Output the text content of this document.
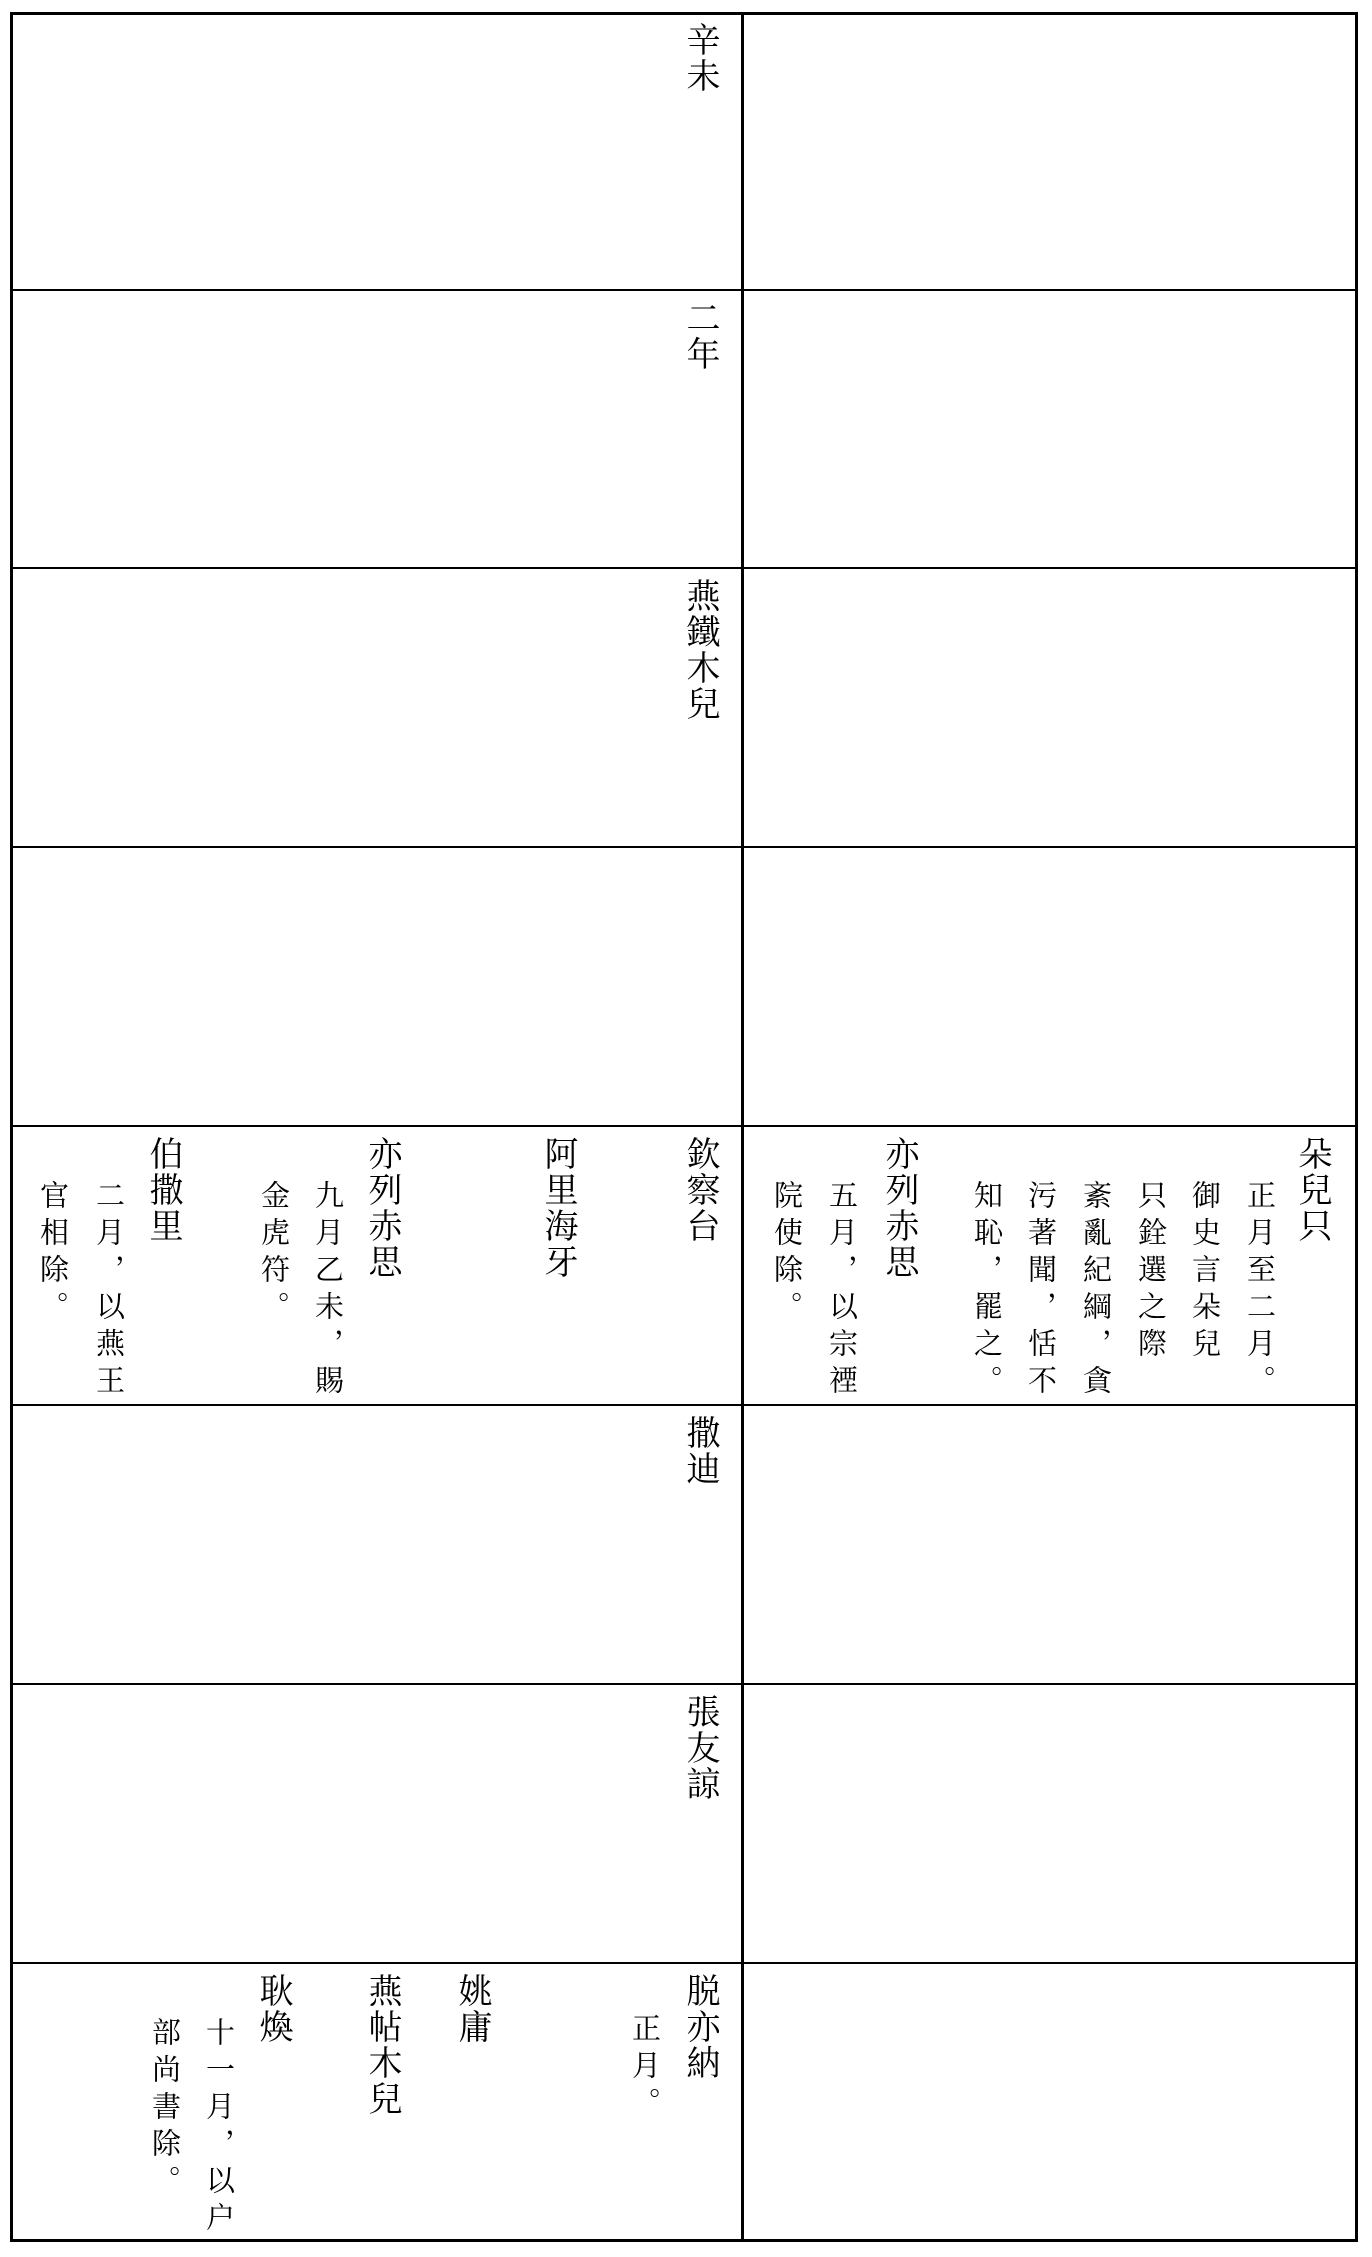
辛未
二年
燕鐵木兒
欽察台
阿里海牙
亦列赤思
九月乙未，賜
金虎符。
伯撒里
二月，以燕王
官相除。	朵兒只
正月至二月。
御史言朵兒
只銓選之際
紊亂紀綱，貪
污著聞，恬不
知恥，罷之。
亦列赤思
五月，以宗禋
院使除。
撒迪
張友諒
脱亦納
正月。
姚庸
燕帖木兒
耿煥
十一月，以户
部尚書除。
